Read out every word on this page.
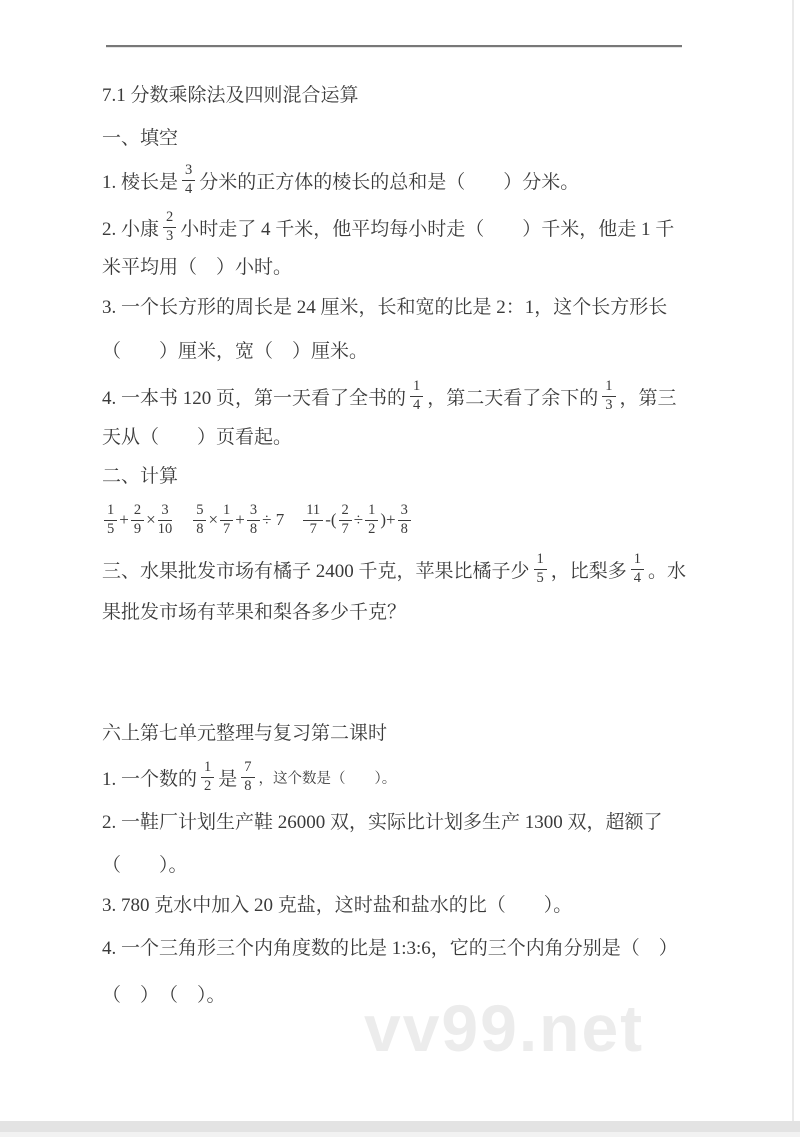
7.1 分数乘除法及四则混合运算
一、填空
1. 棱长是 $\frac{3}{4}$ 分米的正方体的棱长的总和是（　　）分米。
2. 小康 $\frac{2}{3}$ 小时走了 4 千米，他平均每小时走（　　）千米，他走 1 千
米平均用（　）小时。
3. 一个长方形的周长是 24 厘米，长和宽的比是 2：1，这个长方形长
（　　）厘米，宽（　）厘米。
4. 一本书 120 页，第一天看了全书的 $\frac{1}{4}$ ，第二天看了余下的 $\frac{1}{3}$ ，第三
天从（　　）页看起。
二、计算
$\frac{1}{5} + \frac{2}{9} \times \frac{3}{10}$
　 $\frac{5}{8} \times \frac{1}{7} + \frac{3}{8} \div 7$
　 $\frac{11}{7}$ -( $\frac{2}{7} \div \frac{1}{2}$ )+ $\frac{3}{8}$
三、水果批发市场有橘子 2400 千克，苹果比橘子少 $\frac{1}{5}$ ，比梨多 $\frac{1}{4}$ 。水
果批发市场有苹果和梨各多少千克？
六上第七单元整理与复习第二课时
1. 一个数的 $\frac{1}{2}$ 是 $\frac{7}{8}$ ，这个数是（　　）。
2. 一鞋厂计划生产鞋 26000 双，实际比计划多生产 1300 双，超额了
（　　）。
3. 780 克水中加入 20 克盐，这时盐和盐水的比（　　）。
4. 一个三角形三个内角度数的比是 1:3:6，它的三个内角分别是（　）
（　）　（　）。 vv99.net
